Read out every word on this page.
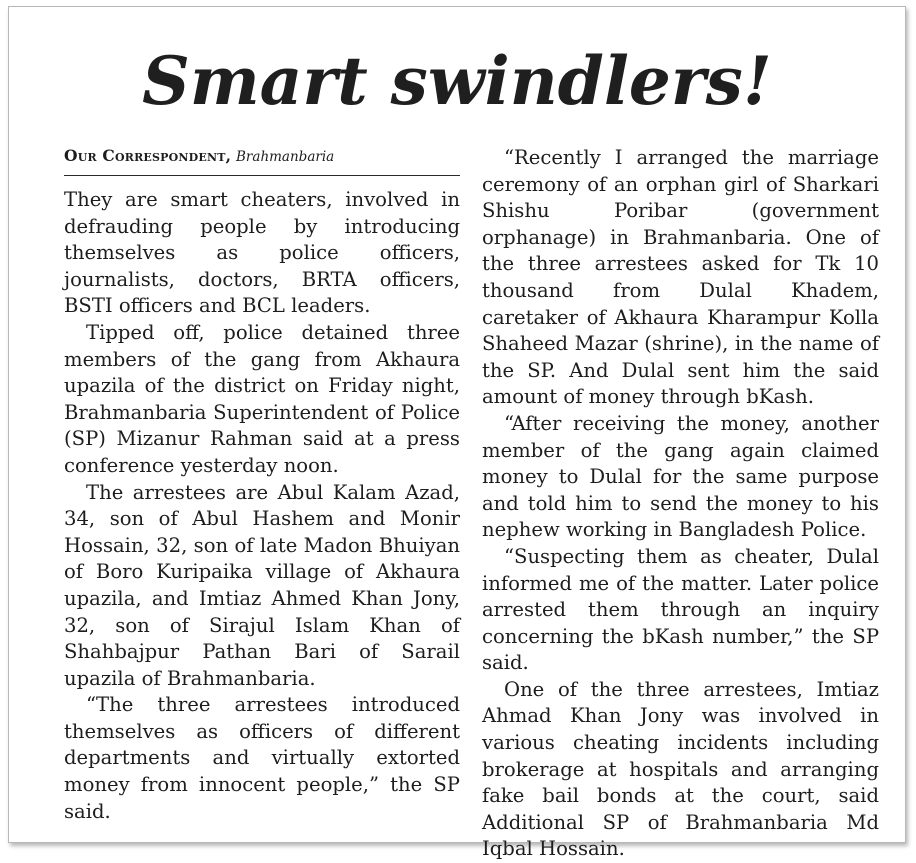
Smart swindlers!
Our Correspondent, Brahmanbaria

They are smart cheaters, involved in defrauding people by introducing themselves as police officers, journalists, doctors, BRTA officers, BSTI officers and BCL leaders.

Tipped off, police detained three members of the gang from Akhaura upazila of the district on Friday night, Brahmanbaria Superintendent of Police (SP) Mizanur Rahman said at a press conference yesterday noon.

The arrestees are Abul Kalam Azad, 34, son of Abul Hashem and Monir Hossain, 32, son of late Madon Bhuiyan of Boro Kuripaika village of Akhaura upazila, and Imtiaz Ahmed Khan Jony, 32, son of Sirajul Islam Khan of Shahbajpur Pathan Bari of Sarail upazila of Brahmanbaria.

“The three arrestees introduced themselves as officers of different departments and virtually extorted money from innocent people,” the SP said.

“Recently I arranged the marriage ceremony of an orphan girl of Sharkari Shishu Poribar (government orphanage) in Brahmanbaria. One of the three arrestees asked for Tk 10 thousand from Dulal Khadem, caretaker of Akhaura Kharampur Kolla Shaheed Mazar (shrine), in the name of the SP. And Dulal sent him the said amount of money through bKash.

“After receiving the money, another member of the gang again claimed money to Dulal for the same purpose and told him to send the money to his nephew working in Bangladesh Police.

“Suspecting them as cheater, Dulal informed me of the matter. Later police arrested them through an inquiry concerning the bKash number,” the SP said.

One of the three arrestees, Imtiaz Ahmad Khan Jony was involved in various cheating incidents including brokerage at hospitals and arranging fake bail bonds at the court, said Additional SP of Brahmanbaria Md Iqbal Hossain.
